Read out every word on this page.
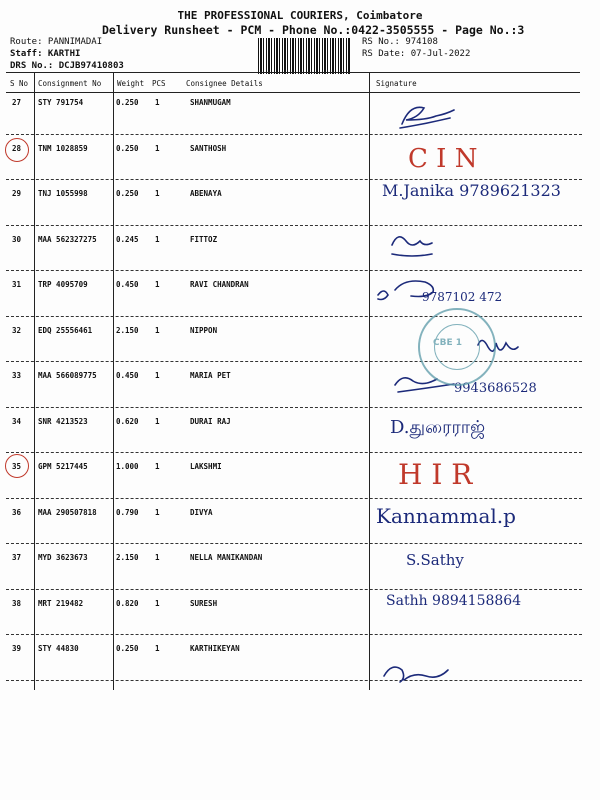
THE PROFESSIONAL COURIERS, Coimbatore
Delivery Runsheet - PCM - Phone No.:0422-3505555 - Page No.:3
Route: PANNIMADAI
Staff: KARTHI
DRS No.: DCJB97410803
RS No.: 974108
RS Date: 07-Jul-2022
S No Consignment No Weight PCS	Consignee Details	Signature
27 STY 791754	0.250 1	SHANMUGAM
28 TNM 1028859	0.250 1	SANTHOSH	C I N
29 TNJ 1055998	0.250 1	ABENAYA	M.Janika 9789621323
30 MAA 562327275	0.245 1	FITTOZ
31 TRP 4095709	0.450 1	RAVI CHANDRAN
9787102 472
32 EDQ 25556461	2.150 1	NIPPON
33 MAA 566089775	0.450 1	MARIA PET
9943686528
34 SNR 4213523	0.620 1	DURAI RAJ	D.துரைராஜ்
35 GPM 5217445	1.000 1	LAKSHMI	H I R
36 MAA 290507818	0.790 1	DIVYA	Kannammal.p
37 MYD 3623673	2.150 1	NELLA MANIKANDAN	S.Sathy
38 MRT 219482	0.820 1	SURESH	Sathh 9894158864
39 STY 44830	0.250 1	KARTHIKEYAN
CBE 1
